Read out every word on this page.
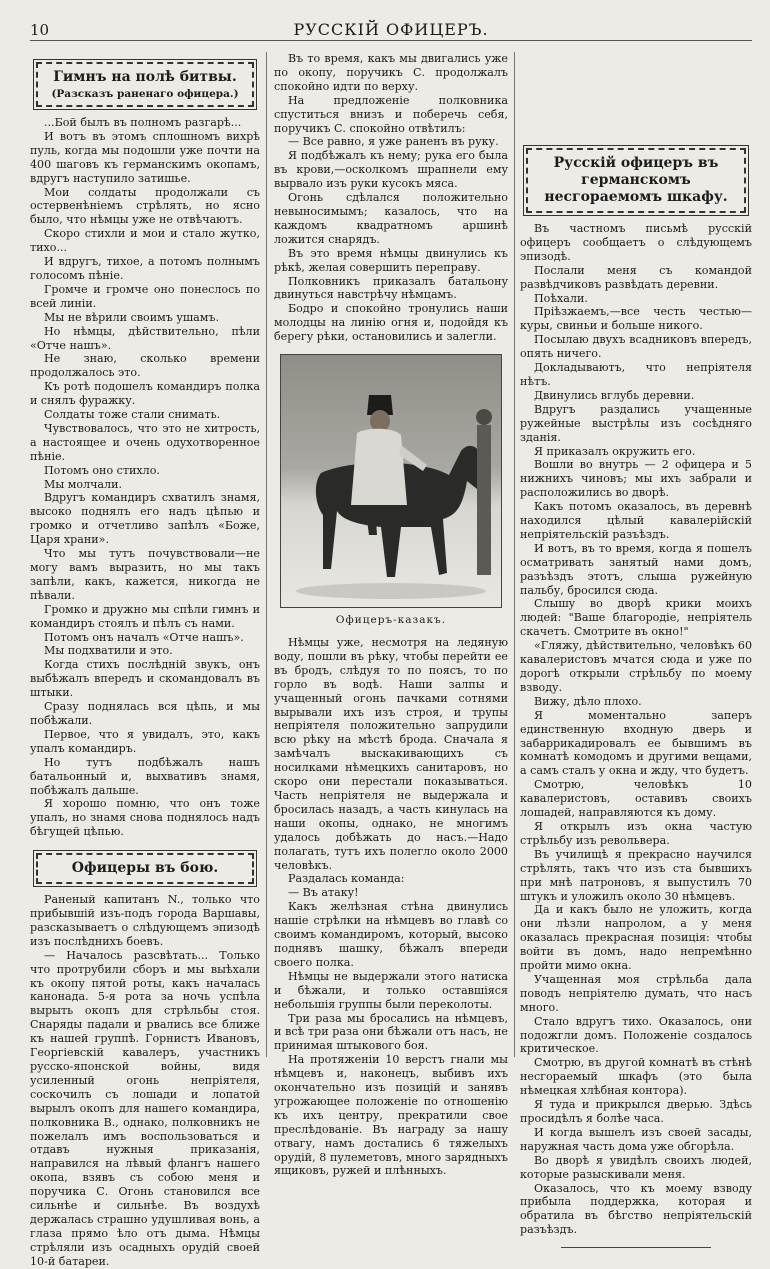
10	РУССКІЙ ОФИЦЕРЪ.
Гимнъ на полѣ битвы.
(Разсказъ раненаго офицера.)

...Бой былъ въ полномъ разгарѣ...

И вотъ въ этомъ сплошномъ вихрѣ пуль, когда мы подошли уже почти на 400 шаговъ къ германскимъ окопамъ, вдругъ наступило затишье.

Мои солдаты продолжали съ остервенѣніемъ стрѣлять, но ясно было, что нѣмцы уже не отвѣчаютъ.

Скоро стихли и мои и стало жутко, тихо...

И вдругъ, тихое, а потомъ полнымъ голосомъ пѣніе.

Громче и громче оно понеслось по всей линіи.

Мы не вѣрили своимъ ушамъ.

Но нѣмцы, дѣйствительно, пѣли «Отче нашъ».

Не знаю, сколько времени продолжалось это.

Къ ротѣ подошелъ командиръ полка и снялъ фуражку.

Солдаты тоже стали снимать.

Чувствовалось, что это не хитрость, а настоящее и очень одухотворенное пѣніе.

Потомъ оно стихло.

Мы молчали.

Вдругъ командиръ схватилъ знамя, высоко поднялъ его надъ цѣпью и громко и отчетливо запѣлъ «Боже, Царя храни».

Что мы тутъ почувствовали—не могу вамъ выразить, но мы такъ запѣли, какъ, кажется, никогда не пѣвали.

Громко и дружно мы спѣли гимнъ и командиръ стоялъ и пѣлъ съ нами.

Потомъ онъ началъ «Отче нашъ».

Мы подхватили и это.

Когда стихъ послѣдній звукъ, онъ выбѣжалъ впередъ и скомандовалъ въ штыки.

Сразу поднялась вся цѣпь, и мы побѣжали.

Первое, что я увидалъ, это, какъ упалъ командиръ.

Но тутъ подбѣжалъ нашъ батальонный и, выхвативъ знамя, побѣжалъ дальше.

Я хорошо помню, что онъ тоже упалъ, но знамя снова поднялось надъ бѣгущей цѣпью.

Офицеры въ бою.

Раненый капитанъ N., только что прибывшій изъ-подъ города Варшавы, разсказываетъ о слѣдующемъ эпизодѣ изъ послѣднихъ боевъ.

— Началось разсвѣтать... Только что протрубили сборъ и мы выѣхали къ окопу пятой роты, какъ началась канонада. 5-я рота за ночь успѣла вырыть окопъ для стрѣльбы стоя. Снаряды падали и рвались все ближе къ нашей группѣ. Горнистъ Ивановъ, Георгіевскій кавалеръ, участникъ русско-японской войны, видя усиленный огонь непріятеля, соскочилъ съ лошади и лопатой вырылъ окопъ для нашего командира, полковника В., однако, полковникъ не пожелалъ имъ воспользоваться и отдавъ нужныя приказанія, направился на лѣвый флангъ нашего окопа, взявъ съ собою меня и поручика С. Огонь становился все сильнѣе и сильнѣе. Въ воздухѣ держалась страшно удушливая вонь, а глаза прямо ѣло отъ дыма. Нѣмцы стрѣляли изъ осадныхъ орудій своей 10-й батареи.

Въ то время, какъ мы двигались уже по окопу, поручикъ С. продолжалъ спокойно идти по верху.

На предложеніе полковника спуститься внизъ и поберечь себя, поручикъ С. спокойно отвѣтилъ:

— Все равно, я уже раненъ въ руку.

Я подбѣжалъ къ нему; рука его была въ крови,—осколкомъ шрапнели ему вырвало изъ руки кусокъ мяса.

Огонь сдѣлался положительно невыносимымъ; казалось, что на каждомъ квадратномъ аршинѣ ложится снарядъ.

Въ это время нѣмцы двинулись къ рѣкѣ, желая совершить переправу.

Полковникъ приказалъ батальону двинуться навстрѣчу нѣмцамъ.

Бодро и спокойно тронулись наши молодцы на линію огня и, подойдя къ берегу рѣки, остановились и залегли.

Офицеръ-казакъ.

Нѣмцы уже, несмотря на ледяную воду, пошли въ рѣку, чтобы перейти ее въ бродъ, слѣдуя то по поясъ, то по горло въ водѣ. Наши залпы и учащенный огонь пачками сотнями вырывали ихъ изъ строя, и трупы непріятеля положительно запрудили всю рѣку на мѣстѣ брода. Сначала я замѣчалъ выскакивающихъ съ носилками нѣмецкихъ санитаровъ, но скоро они перестали показываться. Часть непріятеля не выдержала и бросилась назадъ, а часть кинулась на наши окопы, однако, не многимъ удалось добѣжать до насъ.—Надо полагать, тутъ ихъ полегло около 2000 человѣкъ.

Раздалась команда:

— Въ атаку!

Какъ желѣзная стѣна двинулись нашіе стрѣлки на нѣмцевъ во главѣ со своимъ командиромъ, который, высоко поднявъ шашку, бѣжалъ впереди своего полка.

Нѣмцы не выдержали этого натиска и бѣжали, и только оставшіяся небольшія группы были переколоты.

Три раза мы бросались на нѣмцевъ, и всѣ три раза они бѣжали отъ насъ, не принимая штыкового боя.

На протяженіи 10 верстъ гнали мы нѣмцевъ и, наконецъ, выбивъ ихъ окончательно изъ позицій и занявъ угрожающее положеніе по отношенію къ ихъ центру, прекратили свое преслѣдованіе. Въ награду за нашу отвагу, намъ достались 6 тяжелыхъ орудій, 8 пулеметовъ, много зарядныхъ ящиковъ, ружей и плѣнныхъ.

Русскій офицеръ въ германскомъ несгораемомъ шкафу.

Въ частномъ письмѣ русскій офицеръ сообщаетъ о слѣдующемъ эпизодѣ.

Послали меня съ командой развѣдчиковъ развѣдать деревни.

Поѣхали.

Пріѣзжаемъ,—все честь честью—куры, свиньи и больше никого.

Посылаю двухъ всадниковъ впередъ, опять ничего.

Докладываютъ, что непріятеля нѣтъ.

Двинулись вглубь деревни.

Вдругъ раздались учащенные ружейные выстрѣлы изъ сосѣдняго зданія.

Я приказалъ окружить его.

Вошли во внутрь — 2 офицера и 5 нижнихъ чиновъ; мы ихъ забрали и расположились во дворѣ.

Какъ потомъ оказалось, въ деревнѣ находился цѣлый кавалерійскій непріятельскій разъѣздъ.

И вотъ, въ то время, когда я пошелъ осматривать занятый нами домъ, разъѣздъ этотъ, слыша ружейную пальбу, бросился сюда.

Слышу во дворѣ крики моихъ людей: "Ваше благородіе, непріятель скачетъ. Смотрите въ окно!"

«Гляжу, дѣйствительно, человѣкъ 60 кавалеристовъ мчатся сюда и уже по дорогѣ открыли стрѣльбу по моему взводу.

Вижу, дѣло плохо.

Я моментально заперъ единственную входную дверь и забаррикадировалъ ее бывшимъ въ комнатѣ комодомъ и другими вещами, а самъ сталъ у окна и жду, что будетъ.

Смотрю, человѣкъ 10 кавалеристовъ, оставивъ своихъ лошадей, направляются къ дому.

Я открылъ изъ окна частую стрѣльбу изъ револьвера.

Въ училищѣ я прекрасно научился стрѣлять, такъ что изъ ста бывшихъ при мнѣ патроновъ, я выпустилъ 70 штукъ и уложилъ около 30 нѣмцевъ.

Да и какъ было не уложить, когда они лѣзли напролом, а у меня оказалась прекрасная позиція: чтобы войти въ домъ, надо непремѣнно пройти мимо окна.

Учащенная моя стрѣльба дала поводъ непріятелю думать, что насъ много.

Стало вдругъ тихо. Оказалось, они подожгли домъ. Положеніе создалось критическое.

Смотрю, въ другой комнатѣ въ стѣнѣ несгораемый шкафъ (это была нѣмецкая хлѣбная контора).

Я туда и прикрылся дверью. Здѣсь просидѣлъ я болѣе часа.

И когда вышелъ изъ своей засады, наружная часть дома уже обгорѣла.

Во дворѣ я увидѣлъ своихъ людей, которые разыскивали меня.

Оказалось, что къ моему взводу прибыла поддержка, которая и обратила въ бѣгство непріятельскій разъѣздъ.
